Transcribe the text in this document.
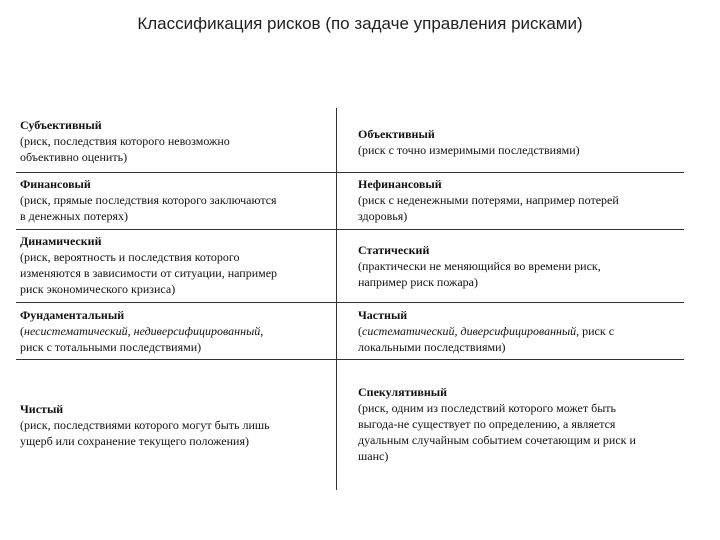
Классификация рисков (по задаче управления рисками)
Субъективный
(риск, последствия которого невозможно
объективно оценить)
Объективный
(риск с точно измеримыми последствиями)
Финансовый
(риск, прямые последствия которого заключаются
в денежных потерях)
Нефинансовый
(риск с неденежными потерями, например потерей
здоровья)
Динамический
(риск, вероятность и последствия которого
изменяются в зависимости от ситуации, например
риск экономического кризиса)
Статический
(практически не меняющийся во времени риск,
например риск пожара)
Фундаментальный
(несистематический, недиверсифицированный,
риск с тотальными последствиями)
Частный
(систематический, диверсифицированный, риск с
локальными последствиями)
Чистый
(риск, последствиями которого могут быть лишь
ущерб или сохранение текущего положения)
Спекулятивный
(риск, одним из последствий которого может быть
выгода-не существует по определению, а является
дуальным случайным событием сочетающим и риск и
шанс)
